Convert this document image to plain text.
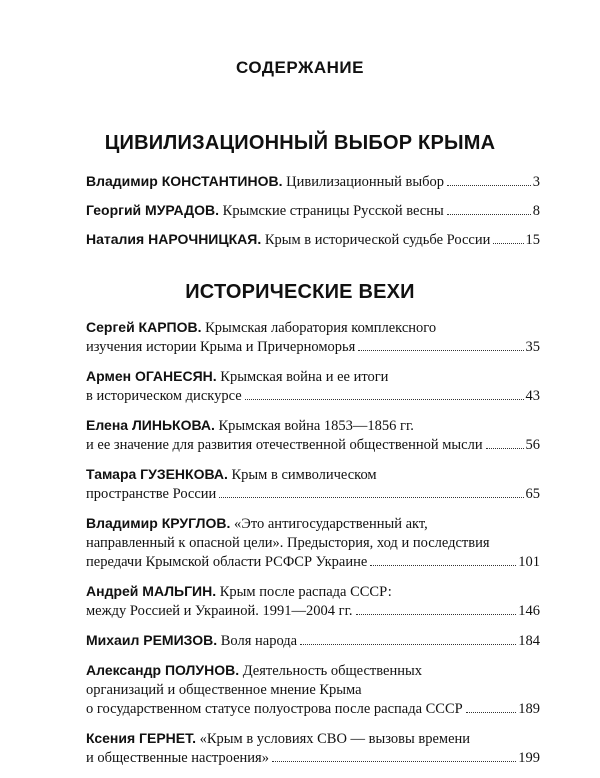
СОДЕРЖАНИЕ
ЦИВИЛИЗАЦИОННЫЙ ВЫБОР КРЫМА
Владимир КОНСТАНТИНОВ.
Цивилизационный выбор	3
Георгий МУРАДОВ.
Крымские страницы Русской весны	8
Наталия НАРОЧНИЦКАЯ.
Крым в исторической судьбе России 15
ИСТОРИЧЕСКИЕ ВЕХИ
Сергей КАРПОВ.
Крымская лаборатория комплексного
изучения истории Крыма и Причерноморья	35
Армен ОГАНЕСЯН.
Крымская война и ее итоги
в историческом дискурсе	43
Елена ЛИНЬКОВА.
Крымская война 1853—1856 гг.
и ее значение для развития отечественной общественной мысли	56
Тамара ГУЗЕНКОВА.
Крым в символическом
пространстве России	65
Владимир КРУГЛОВ.
«Это антигосударственный акт,
направленный к опасной цели». Предыстория, ход и последствия
передачи Крымской области РСФСР Украине	101
Андрей МАЛЬГИН.
Крым после распада СССР:
между Россией и Украиной. 1991—2004 гг.	146
Михаил РЕМИЗОВ.
Воля народа	184
Александр ПОЛУНОВ.
Деятельность общественных
организаций и общественное мнение Крыма
о государственном статусе полуострова после распада СССР	189
Ксения ГЕРНЕТ.
«Крым в условиях СВО — вызовы времени
и общественные настроения»	199
